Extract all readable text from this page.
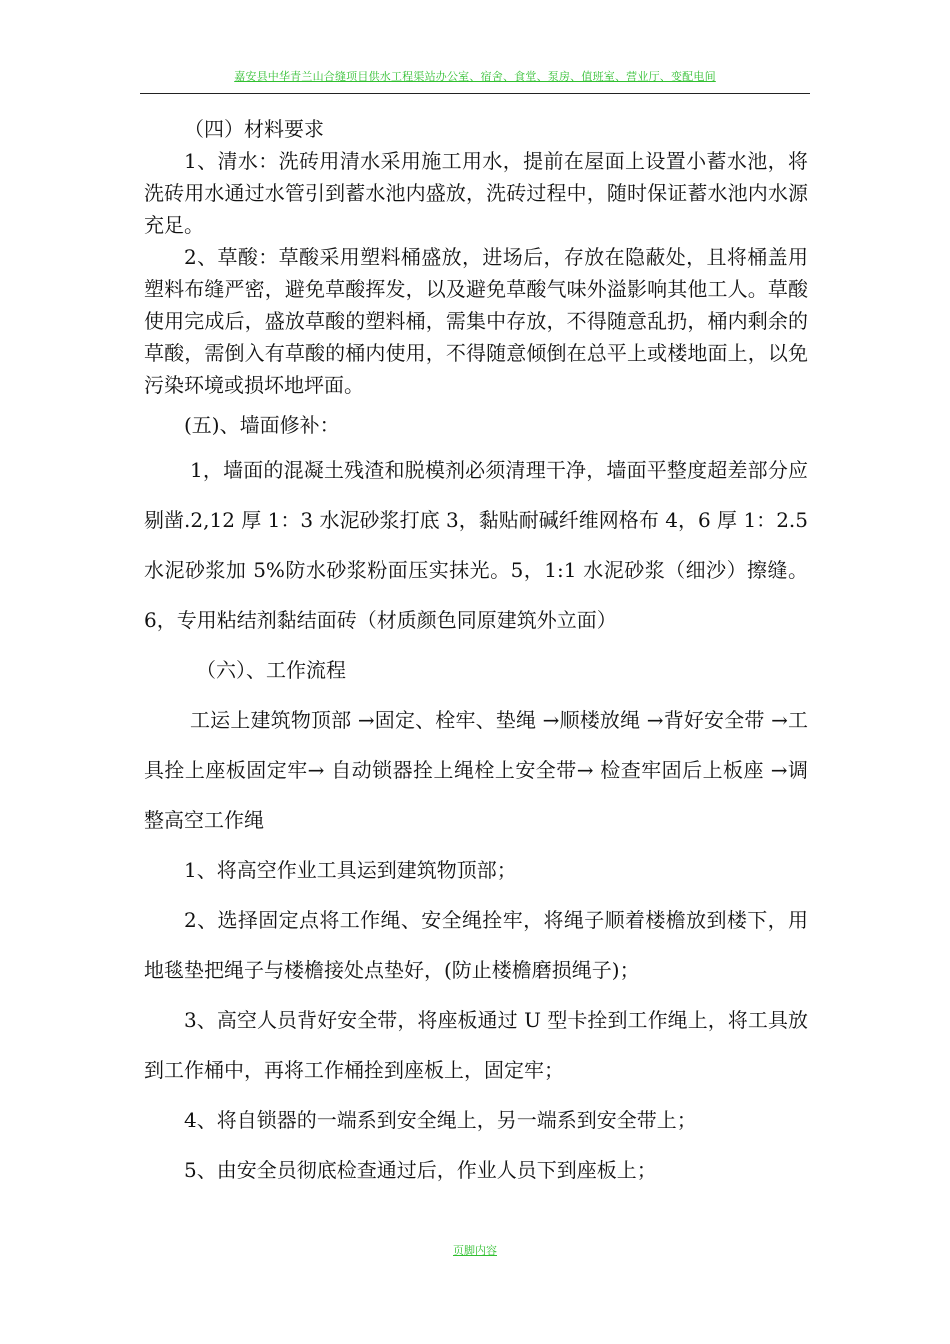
嘉安县中华青兰山合缝项目供水工程渠站办公室、宿舍、食堂、泵房、值班室、营业厅、变配电间

（四）材料要求

1、清水：洗砖用清水采用施工用水，提前在屋面上设置小蓄水池，将洗砖用水通过水管引到蓄水池内盛放，洗砖过程中，随时保证蓄水池内水源充足。

2、草酸：草酸采用塑料桶盛放，进场后，存放在隐蔽处，且将桶盖用塑料布缝严密，避免草酸挥发，以及避免草酸气味外溢影响其他工人。草酸使用完成后，盛放草酸的塑料桶，需集中存放，不得随意乱扔，桶内剩余的草酸，需倒入有草酸的桶内使用，不得随意倾倒在总平上或楼地面上，以免污染环境或损坏地坪面。

(五)、墙面修补：

1，墙面的混凝土残渣和脱模剂必须清理干净，墙面平整度超差部分应剔凿.2,12 厚 1：3 水泥砂浆打底 3，黏贴耐碱纤维网格布 4，6 厚 1：2.5 水泥砂浆加 5%防水砂浆粉面压实抹光。5，1:1 水泥砂浆（细沙）擦缝。6，专用粘结剂黏结面砖（材质颜色同原建筑外立面）

（六）、工作流程

工运上建筑物顶部 →固定、栓牢、垫绳 →顺楼放绳 →背好安全带 →工具拴上座板固定牢→ 自动锁器拴上绳栓上安全带→ 检查牢固后上板座 →调整高空工作绳

1、将高空作业工具运到建筑物顶部；

2、选择固定点将工作绳、安全绳拴牢，将绳子顺着楼檐放到楼下，用地毯垫把绳子与楼檐接处点垫好，(防止楼檐磨损绳子)；

3、高空人员背好安全带，将座板通过 U 型卡拴到工作绳上，将工具放到工作桶中，再将工作桶拴到座板上，固定牢；

4、将自锁器的一端系到安全绳上，另一端系到安全带上；

5、由安全员彻底检查通过后，作业人员下到座板上；

页脚内容
